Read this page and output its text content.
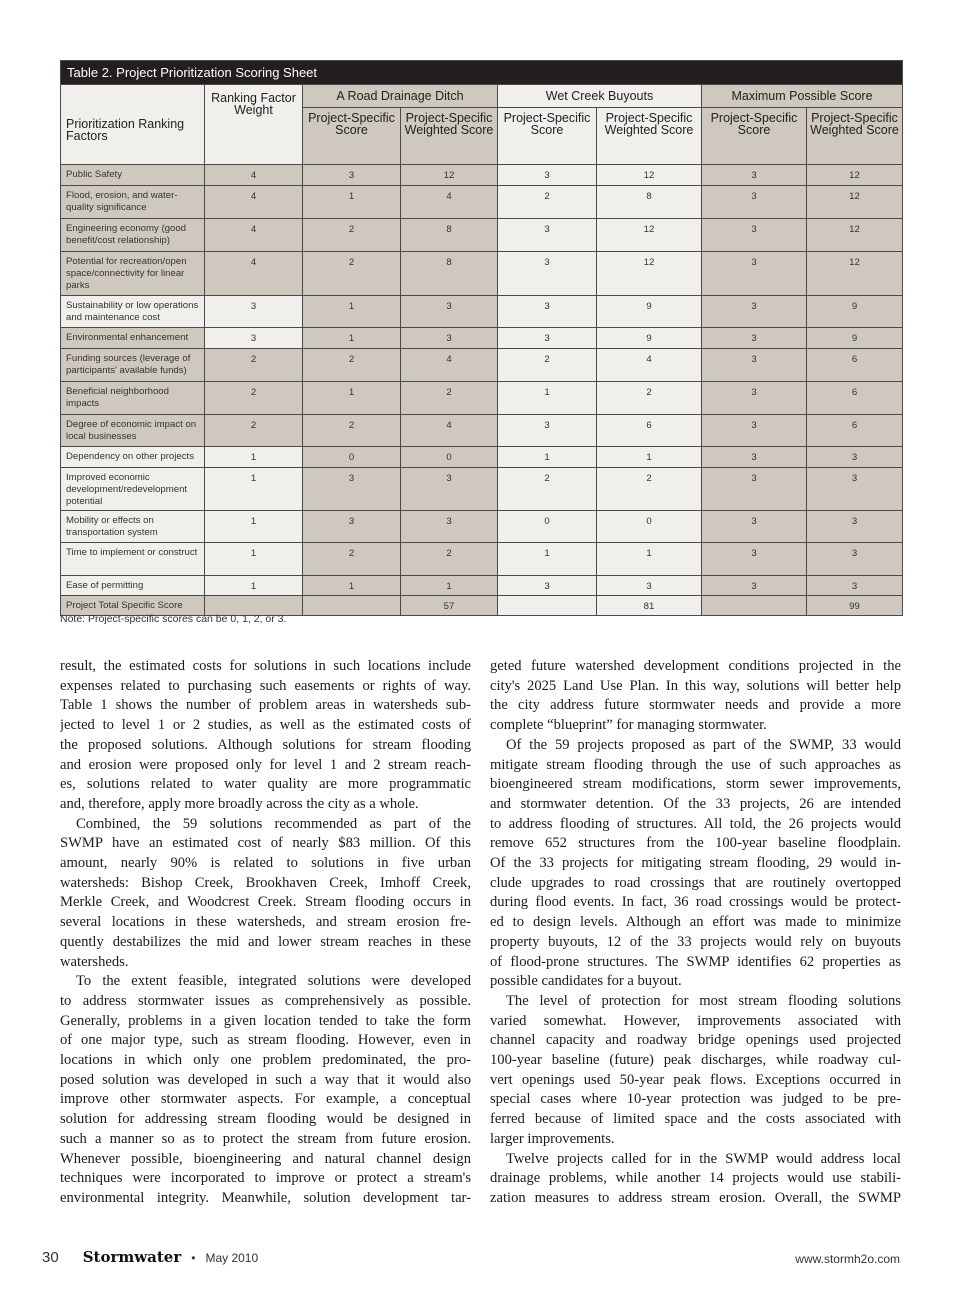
Table 2. Project Prioritization Scoring Sheet							
Prioritization Ranking Factors	Ranking Factor Weight	A Road Drainage Ditch		Wet Creek Buyouts		Maximum Possible Score	
		Project-Specific Score	Project-Specific Weighted Score	Project-Specific Score	Project-Specific Weighted Score	Project-Specific Score	Project-Specific Weighted Score
Public Safety	4	3	12	3	12	3	12
Flood, erosion, and water-quality significance	4	1	4	2	8	3	12
Engineering economy (good benefit/cost relationship)	4	2	8	3	12	3	12
Potential for recreation/open space/connectivity for linear parks	4	2	8	3	12	3	12
Sustainability or low operations and maintenance cost	3	1	3	3	9	3	9
Environmental enhancement	3	1	3	3	9	3	9
Funding sources (leverage of participants' available funds)	2	2	4	2	4	3	6
Beneficial neighborhood impacts	2	1	2	1	2	3	6
Degree of economic impact on local businesses	2	2	4	3	6	3	6
Dependency on other projects	1	0	0	1	1	3	3
Improved economic development/redevelopment potential	1	3	3	2	2	3	3
Mobility or effects on transportation system	1	3	3	0	0	3	3
Time to implement or construct	1	2	2	1	1	3	3
Ease of permitting	1	1	1	3	3	3	3
Project Total Specific Score			57		81		99
Note: Project-specific scores can be 0, 1, 2, or 3.
result, the estimated costs for solutions in such locations include
expenses related to purchasing such easements or rights of way.
Table 1 shows the number of problem areas in watersheds sub-
jected to level 1 or 2 studies, as well as the estimated costs of
the proposed solutions. Although solutions for stream flooding
and erosion were proposed only for level 1 and 2 stream reach-
es, solutions related to water quality are more programmatic
and, therefore, apply more broadly across the city as a whole.
Combined, the 59 solutions recommended as part of the
SWMP have an estimated cost of nearly $83 million. Of this
amount, nearly 90% is related to solutions in five urban
watersheds: Bishop Creek, Brookhaven Creek, Imhoff Creek,
Merkle Creek, and Woodcrest Creek. Stream flooding occurs in
several locations in these watersheds, and stream erosion fre-
quently destabilizes the mid and lower stream reaches in these
watersheds.
To the extent feasible, integrated solutions were developed
to address stormwater issues as comprehensively as possible.
Generally, problems in a given location tended to take the form
of one major type, such as stream flooding. However, even in
locations in which only one problem predominated, the pro-
posed solution was developed in such a way that it would also
improve other stormwater aspects. For example, a conceptual
solution for addressing stream flooding would be designed in
such a manner so as to protect the stream from future erosion.
Whenever possible, bioengineering and natural channel design
techniques were incorporated to improve or protect a stream's
environmental integrity. Meanwhile, solution development tar-
geted future watershed development conditions projected in the
city's 2025 Land Use Plan. In this way, solutions will better help
the city address future stormwater needs and provide a more
complete “blueprint” for managing stormwater.
Of the 59 projects proposed as part of the SWMP, 33 would
mitigate stream flooding through the use of such approaches as
bioengineered stream modifications, storm sewer improvements,
and stormwater detention. Of the 33 projects, 26 are intended
to address flooding of structures. All told, the 26 projects would
remove 652 structures from the 100-year baseline floodplain.
Of the 33 projects for mitigating stream flooding, 29 would in-
clude upgrades to road crossings that are routinely overtopped
during flood events. In fact, 36 road crossings would be protect-
ed to design levels. Although an effort was made to minimize
property buyouts, 12 of the 33 projects would rely on buyouts
of flood-prone structures. The SWMP identifies 62 properties as
possible candidates for a buyout.
The level of protection for most stream flooding solutions
varied somewhat. However, improvements associated with
channel capacity and roadway bridge openings used projected
100-year baseline (future) peak discharges, while roadway cul-
vert openings used 50-year peak flows. Exceptions occurred in
special cases where 10-year protection was judged to be pre-
ferred because of limited space and the costs associated with
larger improvements.
Twelve projects called for in the SWMP would address local
drainage problems, while another 14 projects would use stabili-
zation measures to address stream erosion. Overall, the SWMP
30 Stormwater • May 2010	www.stormh2o.com
